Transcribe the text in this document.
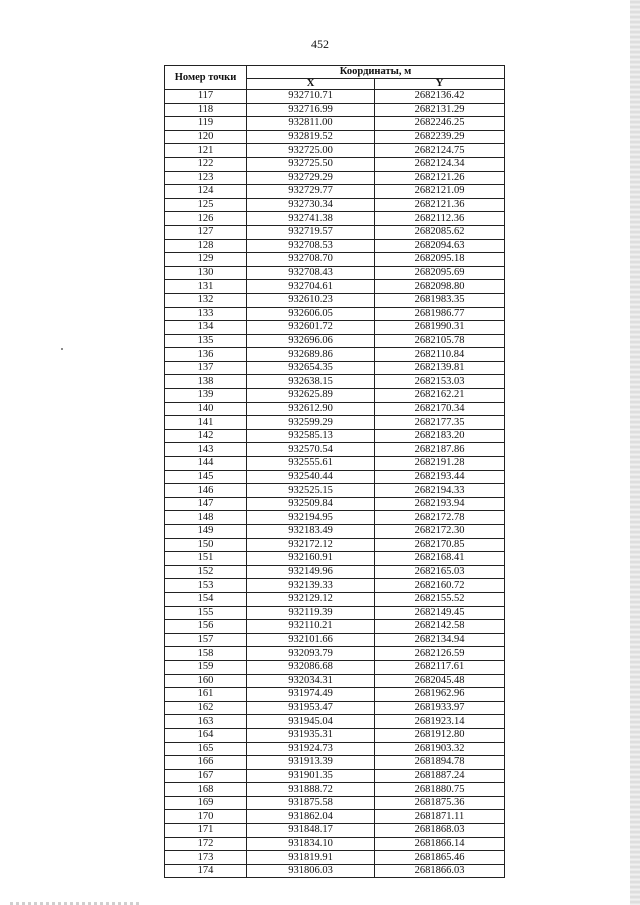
452
Номер точки	Координаты, м	
	X	Y
117	932710.71	2682136.42
118	932716.99	2682131.29
119	932811.00	2682246.25
120	932819.52	2682239.29
121	932725.00	2682124.75
122	932725.50	2682124.34
123	932729.29	2682121.26
124	932729.77	2682121.09
125	932730.34	2682121.36
126	932741.38	2682112.36
127	932719.57	2682085.62
128	932708.53	2682094.63
129	932708.70	2682095.18
130	932708.43	2682095.69
131	932704.61	2682098.80
132	932610.23	2681983.35
133	932606.05	2681986.77
134	932601.72	2681990.31
135	932696.06	2682105.78
136	932689.86	2682110.84
137	932654.35	2682139.81
138	932638.15	2682153.03
139	932625.89	2682162.21
140	932612.90	2682170.34
141	932599.29	2682177.35
142	932585.13	2682183.20
143	932570.54	2682187.86
144	932555.61	2682191.28
145	932540.44	2682193.44
146	932525.15	2682194.33
147	932509.84	2682193.94
148	932194.95	2682172.78
149	932183.49	2682172.30
150	932172.12	2682170.85
151	932160.91	2682168.41
152	932149.96	2682165.03
153	932139.33	2682160.72
154	932129.12	2682155.52
155	932119.39	2682149.45
156	932110.21	2682142.58
157	932101.66	2682134.94
158	932093.79	2682126.59
159	932086.68	2682117.61
160	932034.31	2682045.48
161	931974.49	2681962.96
162	931953.47	2681933.97
163	931945.04	2681923.14
164	931935.31	2681912.80
165	931924.73	2681903.32
166	931913.39	2681894.78
167	931901.35	2681887.24
168	931888.72	2681880.75
169	931875.58	2681875.36
170	931862.04	2681871.11
171	931848.17	2681868.03
172	931834.10	2681866.14
173	931819.91	2681865.46
174	931806.03	2681866.03
